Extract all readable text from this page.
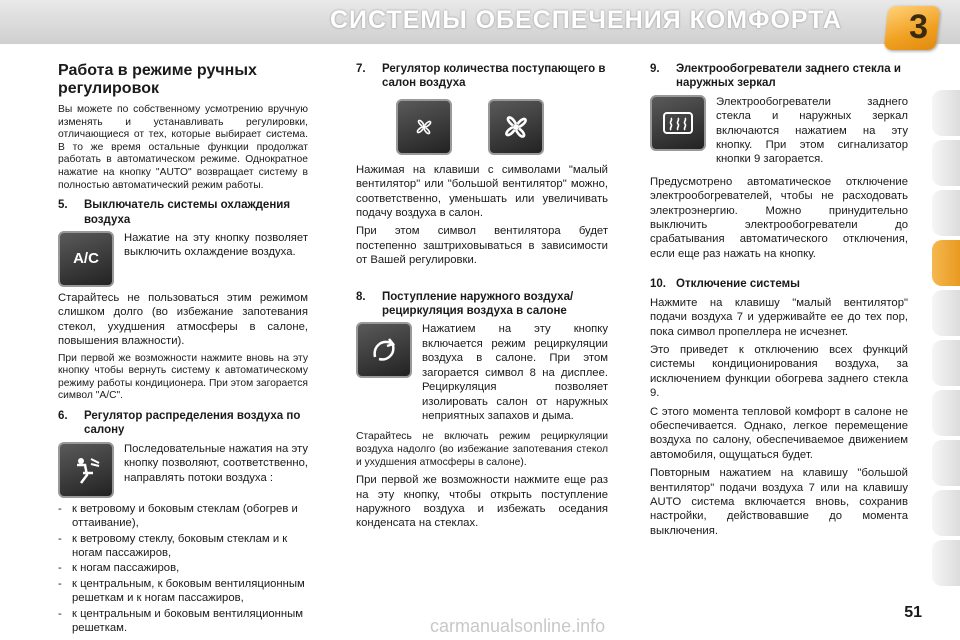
СИСТЕМЫ ОБЕСПЕЧЕНИЯ КОМФОРТА 3
Работа в режиме ручных регулировок

Вы можете по собственному усмотрению вручную изменять и устанавливать регулировки, отличающиеся от тех, которые выбирает система. В то же время остальные функции продолжат работать в автоматическом режиме. Однократное нажатие на кнопку "AUTO" возвращает систему в полностью автоматический режим работы.

5.	Выключатель системы охлаждения воздуха
A/C

Нажатие на эту кнопку позволяет выключить охлаждение воздуха.

Старайтесь не пользоваться этим режимом слишком долго (во избежание запотевания стекол, ухудшения атмосферы в салоне, повышения влажности).

При первой же возможности нажмите вновь на эту кнопку чтобы вернуть систему к автоматическому режиму работы кондиционера. При этом загорается символ "A/C".

6.	Регулятор распределения воздуха по салону

Последовательные нажатия на эту кнопку позволяют, соответственно, направлять потоки воздуха :

- к ветровому и боковым стеклам (обогрев и оттаивание),
- к ветровому стеклу, боковым стеклам и к ногам пассажиров,
- к ногам пассажиров,
- к центральным, к боковым вентиляционным решеткам и к ногам пассажиров,
- к центральным и боковым вентиляционным решеткам.
7.	Регулятор количества поступающего в салон воздуха

Нажимая на клавиши с символами "малый вентилятор" или "большой вентилятор" можно, соответственно, уменьшать или увеличивать подачу воздуха в салон.

При этом символ вентилятора будет постепенно заштриховываться в зависимости от Вашей регулировки.

8.	Поступление наружного воздуха/ рециркуляция воздуха в салоне

Нажатием на эту кнопку включается режим рециркуляции воздуха в салоне. При этом загорается символ 8 на дисплее. Рециркуляция позволяет изолировать салон от наружных неприятных запахов и дыма.

Старайтесь не включать режим рециркуляции воздуха надолго (во избежание запотевания стекол и ухудшения атмосферы в салоне).

При первой же возможности нажмите еще раз на эту кнопку, чтобы открыть поступление наружного воздуха и избежать оседания конденсата на стеклах.

9.	Электрообогреватели заднего стекла и наружных зеркал

Электрообогреватели заднего стекла и наружных зеркал включаются нажатием на эту кнопку. При этом сигнализатор кнопки 9 загорается.

Предусмотрено автоматическое отключение электрообогревателей, чтобы не расходовать электроэнергию. Можно принудительно выключить электрообогреватели до срабатывания автоматического отключения, если еще раз нажать на кнопку.

10. Отключение системы

Нажмите на клавишу "малый вентилятор" подачи воздуха 7 и удерживайте ее до тех пор, пока символ пропеллера не исчезнет.

Это приведет к отключению всех функций системы кондиционирования воздуха, за исключением функции обогрева заднего стекла 9.

С этого момента тепловой комфорт в салоне не обеспечивается. Однако, легкое перемещение воздуха по салону, обеспечиваемое движением автомобиля, ощущаться будет.

Повторным нажатием на клавишу "большой вентилятор" подачи воздуха 7 или на клавишу AUTO система включается вновь, сохранив настройки, действовавшие до момента выключения.

51
carmanualsonline.info
